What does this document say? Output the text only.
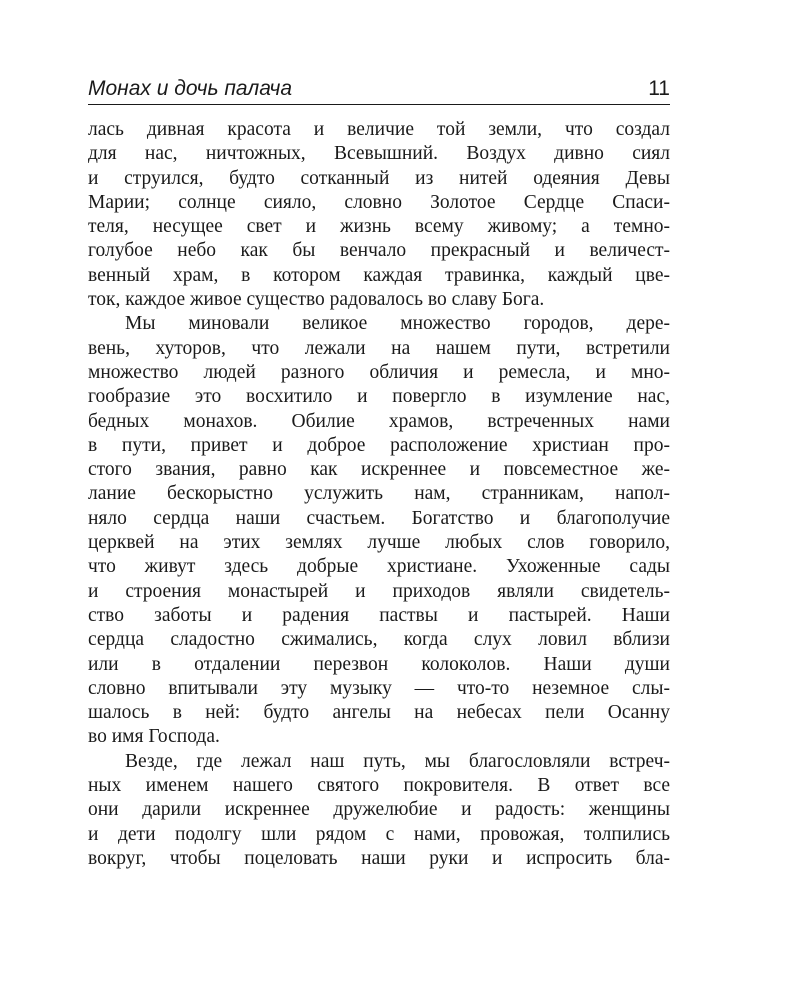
Монах и дочь палача	11
лась дивная красота и величие той земли, что создал
для нас, ничтожных, Всевышний. Воздух дивно сиял
и струился, будто сотканный из нитей одеяния Девы
Марии; солнце сияло, словно Золотое Сердце Спаси-
теля, несущее свет и жизнь всему живому; а темно-
голубое небо как бы венчало прекрасный и величест-
венный храм, в котором каждая травинка, каждый цве-
ток, каждое живое существо радовалось во славу Бога.
Мы миновали великое множество городов, дере-
вень, хуторов, что лежали на нашем пути, встретили
множество людей разного обличия и ремесла, и мно-
гообразие это восхитило и повергло в изумление нас,
бедных монахов. Обилие храмов, встреченных нами
в пути, привет и доброе расположение христиан про-
стого звания, равно как искреннее и повсеместное же-
лание бескорыстно услужить нам, странникам, напол-
няло сердца наши счастьем. Богатство и благополучие
церквей на этих землях лучше любых слов говорило,
что живут здесь добрые христиане. Ухоженные сады
и строения монастырей и приходов являли свидетель-
ство заботы и радения паствы и пастырей. Наши
сердца сладостно сжимались, когда слух ловил вблизи
или в отдалении перезвон колоколов. Наши души
словно впитывали эту музыку — что-то неземное слы-
шалось в ней: будто ангелы на небесах пели Осанну
во имя Господа.
Везде, где лежал наш путь, мы благословляли встреч-
ных именем нашего святого покровителя. В ответ все
они дарили искреннее дружелюбие и радость: женщины
и дети подолгу шли рядом с нами, провожая, толпились
вокруг, чтобы поцеловать наши руки и испросить бла-
